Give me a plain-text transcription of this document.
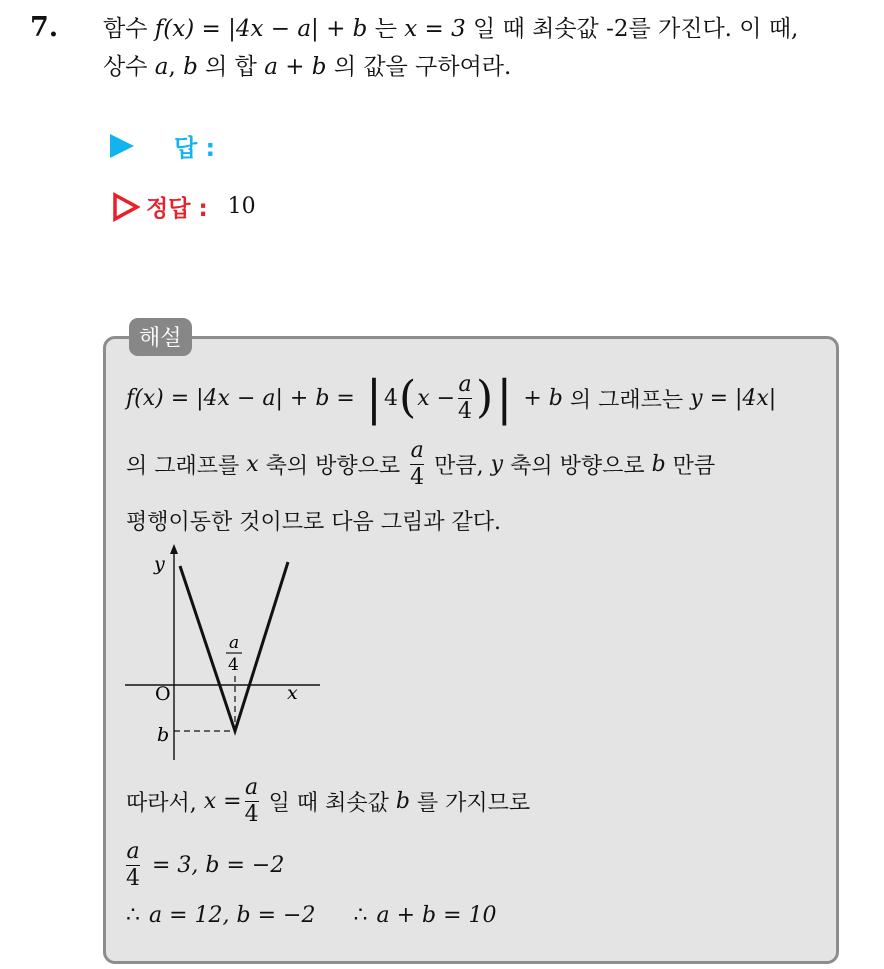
7. 함수 f(x) = |4x − a| + b 는 x = 3 일 때 최솟값 -2를 가진다. 이 때,
상수 a, b 의 합 a + b 의 값을 구하여라.
답 :
정답 : 10
해설
f(x) = |4x − a| + b = | 4 ( $x - \frac{a}{4}$ ) | + b 의 그래프는 y = |4x|
의 그래프를 x 축의 방향으로 $\frac{a}{4}$ 만큼, y 축의 방향으로 b 만큼
평행이동한 것이므로 다음 그림과 같다.
y
x
O
b
a
4
따라서, $x = \frac{a}{4}$ 일 때 최솟값 b 를 가지므로
$\frac{a}{4} = 3$, b = −2
∴ a = 12, b = −2 ∴ a + b = 10
